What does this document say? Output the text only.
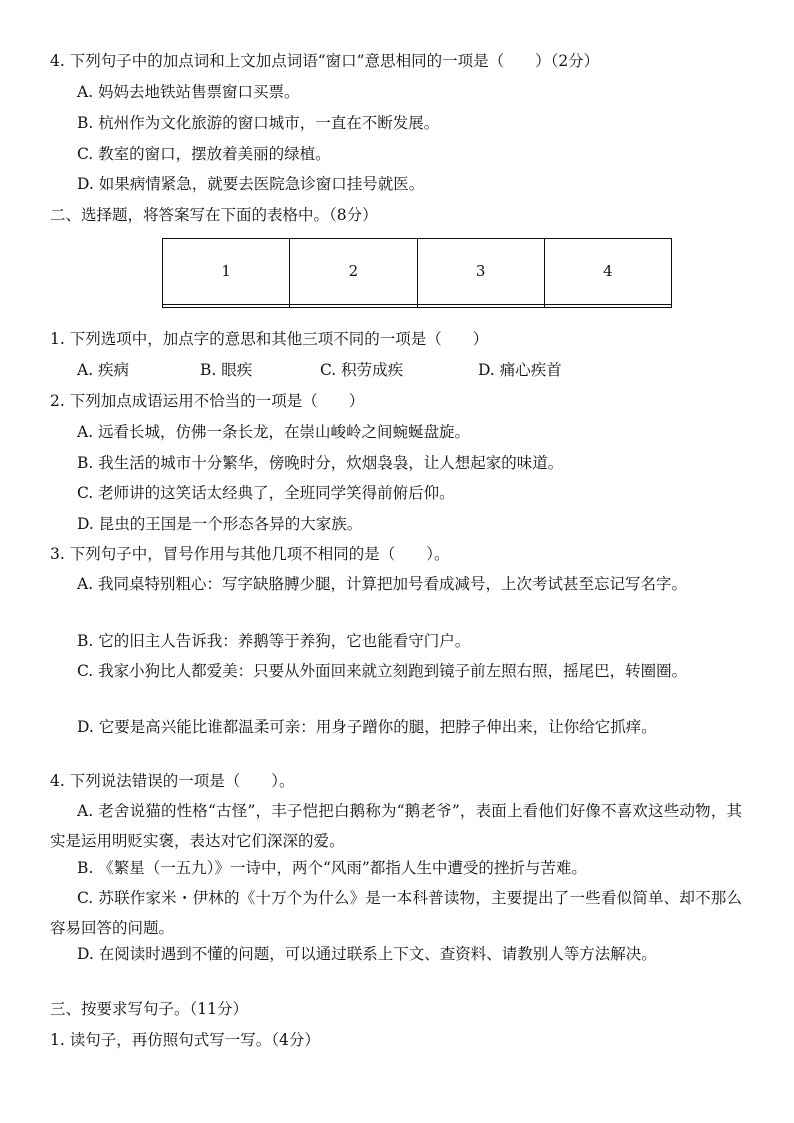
4. 下列句子中的加点词和上文加点词语“窗口”意思相同的一项是（　　）（2分）
A. 妈妈去地铁站售票窗口买票。
B. 杭州作为文化旅游的窗口城市，一直在不断发展。
C. 教室的窗口，摆放着美丽的绿植。
D. 如果病情紧急，就要去医院急诊窗口挂号就医。
二、选择题，将答案写在下面的表格中。（8分）
1	2	3	4

1. 下列选项中，加点字的意思和其他三项不同的一项是（　　）
A. 疾病	B. 眼疾	C. 积劳成疾	D. 痛心疾首
2. 下列加点成语运用不恰当的一项是（　　）
A. 远看长城，仿佛一条长龙，在崇山峻岭之间蜿蜒盘旋。
B. 我生活的城市十分繁华，傍晚时分，炊烟袅袅，让人想起家的味道。
C. 老师讲的这笑话太经典了，全班同学笑得前俯后仰。
D. 昆虫的王国是一个形态各异的大家族。
3. 下列句子中，冒号作用与其他几项不相同的是（　　）。
A. 我同桌特别粗心：写字缺胳膊少腿，计算把加号看成减号，上次考试甚至忘记写名字。
B. 它的旧主人告诉我：养鹅等于养狗，它也能看守门户。
C. 我家小狗比人都爱美：只要从外面回来就立刻跑到镜子前左照右照，摇尾巴，转圈圈。
D. 它要是高兴能比谁都温柔可亲：用身子蹭你的腿，把脖子伸出来，让你给它抓痒。
4. 下列说法错误的一项是（　　）。
A. 老舍说猫的性格“古怪”，丰子恺把白鹅称为“鹅老爷”，表面上看他们好像不喜欢这些动物，其实是运用明贬实褒，表达对它们深深的爱。
B. 《繁星（一五九）》一诗中，两个“风雨”都指人生中遭受的挫折与苦难。
C. 苏联作家米・伊林的《十万个为什么》是一本科普读物，主要提出了一些看似简单、却不那么容易回答的问题。
D. 在阅读时遇到不懂的问题，可以通过联系上下文、查资料、请教别人等方法解决。
三、按要求写句子。（11分）
1. 读句子，再仿照句式写一写。（4分）
